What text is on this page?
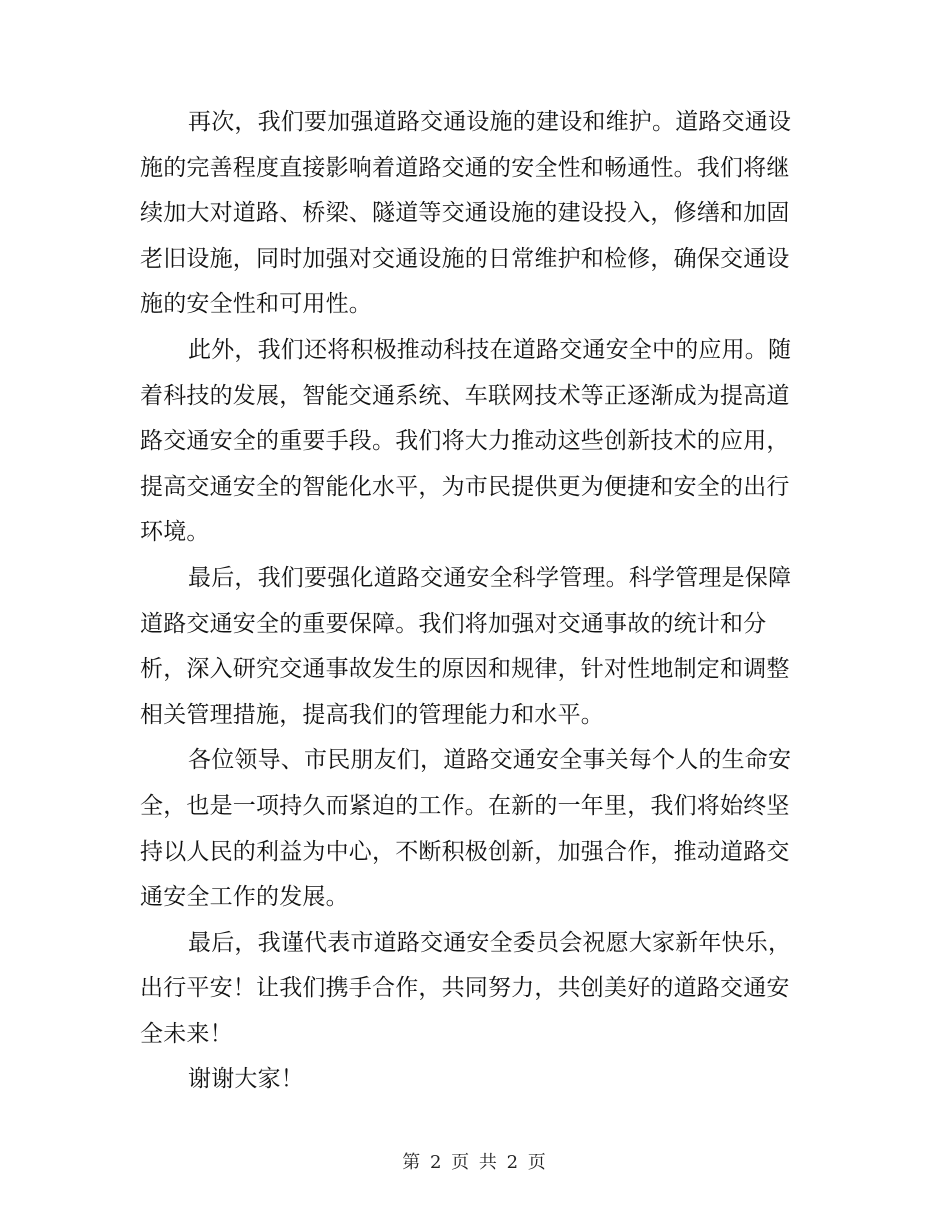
再次，我们要加强道路交通设施的建设和维护。道路交通设
施的完善程度直接影响着道路交通的安全性和畅通性。我们将继
续加大对道路、桥梁、隧道等交通设施的建设投入，修缮和加固
老旧设施，同时加强对交通设施的日常维护和检修，确保交通设
施的安全性和可用性。
此外，我们还将积极推动科技在道路交通安全中的应用。随
着科技的发展，智能交通系统、车联网技术等正逐渐成为提高道
路交通安全的重要手段。我们将大力推动这些创新技术的应用，
提高交通安全的智能化水平，为市民提供更为便捷和安全的出行
环境。
最后，我们要强化道路交通安全科学管理。科学管理是保障
道路交通安全的重要保障。我们将加强对交通事故的统计和分
析，深入研究交通事故发生的原因和规律，针对性地制定和调整
相关管理措施，提高我们的管理能力和水平。
各位领导、市民朋友们，道路交通安全事关每个人的生命安
全，也是一项持久而紧迫的工作。在新的一年里，我们将始终坚
持以人民的利益为中心，不断积极创新，加强合作，推动道路交
通安全工作的发展。
最后，我谨代表市道路交通安全委员会祝愿大家新年快乐，
出行平安！让我们携手合作，共同努力，共创美好的道路交通安
全未来！
谢谢大家！
第 2 页 共 2 页
